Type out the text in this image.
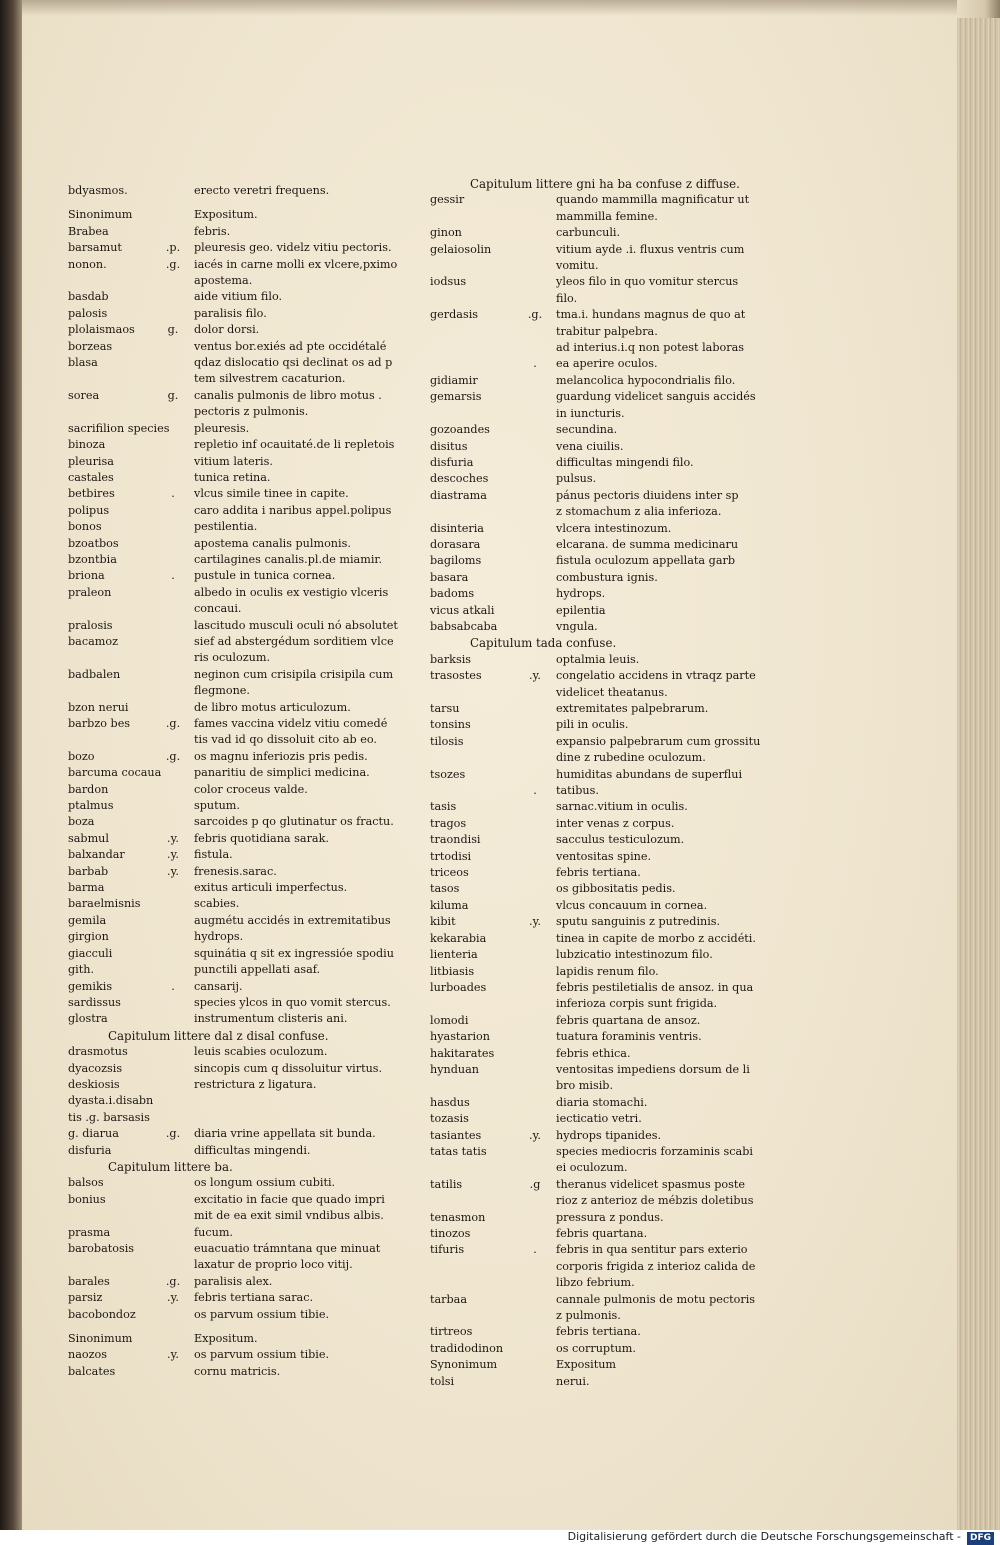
bdyasmos.	erecto veretri frequens.
Sinonimum	Expositum.
Brabea	febris.
barsamut	.p.	pleuresis geo. videlz vitiu pectoris.
nonon.	.g.	iacés in carne molli ex vlcere,pximo
apostema.
basdab	aide vitium filo.
palosis	paralisis filo.
plolaismaos	g.	dolor dorsi.
borzeas	ventus bor.exiés ad pte occidétalé
blasa	qdaz dislocatio qsi declinat os ad p
tem silvestrem cacaturion.
sorea	g.	canalis pulmonis de libro motus .
pectoris z pulmonis.
sacrifilion species pleuresis.
binoza	repletio inf ocauitaté.de li repletois
pleurisa	vitium lateris.
castales	tunica retina.
betbires	.	vlcus simile tinee in capite.
polipus	caro addita i naribus appel.polipus
bonos	pestilentia.
bzoatbos	apostema canalis pulmonis.
bzontbia	cartilagines canalis.pl.de miamir.
briona	.	pustule in tunica cornea.
praleon	albedo in oculis ex vestigio vlceris
concaui.
pralosis	lascitudo musculi oculi nó absolutet
bacamoz	sief ad abstergédum sorditiem vlce
ris oculozum.
badbalen	neginon cum crisipila crisipila cum
flegmone.
bzon nerui	de libro motus articulozum.
barbzo bes	.g.	fames vaccina videlz vitiu comedé
tis vad id qo dissoluit cito ab eo.
bozo	.g.	os magnu inferiozis pris pedis.
barcuma cocaua	panaritiu de simplici medicina.
bardon	color croceus valde.
ptalmus	sputum.
boza	sarcoides p qo glutinatur os fractu.
sabmul	.y.	febris quotidiana sarak.
balxandar	.y.	fistula.
barbab	.y.	frenesis.sarac.
barma	exitus articuli imperfectus.
baraelmisnis	scabies.
gemila	augmétu accidés in extremitatibus
girgion	hydrops.
giacculi	squinátia q sit ex ingressióe spodiu
gith.	punctili appellati asaf.
gemikis	.	cansarij.
sardissus	species ylcos in quo vomit stercus.
glostra	instrumentum clisteris ani.
Capitulum littere dal z disal confuse.
drasmotus	leuis scabies oculozum.
dyacozsis	sincopis cum q dissoluitur virtus.
deskiosis	restrictura z ligatura.
dyasta.i.disabn
tis .g. barsasis
g. diarua	.g.	diaria vrine appellata sit bunda.
disfuria	difficultas mingendi.
Capitulum littere ba.
balsos	os longum ossium cubiti.
bonius	excitatio in facie que quado impri
mit de ea exit simil vndibus albis.
prasma	fucum.
barobatosis	euacuatio trámntana que minuat
laxatur de proprio loco vitij.
barales	.g.	paralisis alex.
parsiz	.y.	febris tertiana sarac.
bacobondoz	os parvum ossium tibie.
Sinonimum	Expositum.
naozos	.y.	os parvum ossium tibie.
balcates	cornu matricis.
Capitulum littere gni ha ba confuse z diffuse.
gessir	quando mammilla magnificatur ut
mammilla femine.
ginon	carbunculi.
gelaiosolin	vitium ayde .i. fluxus ventris cum
vomitu.
iodsus	yleos filo in quo vomitur stercus
filo.
gerdasis	.g.	tma.i. hundans magnus de quo at
trabitur palpebra.
ad interius.i.q non potest laboras
.	ea aperire oculos.
gidiamir	melancolica hypocondrialis filo.
gemarsis	guardung videlicet sanguis accidés
in iuncturis.
gozoandes	secundina.
disitus	vena ciuilis.
disfuria	difficultas mingendi filo.
descoches	pulsus.
diastrama	pánus pectoris diuidens inter sp
z stomachum z alia inferioza.
disinteria	vlcera intestinozum.
dorasara	elcarana. de summa medicinaru
bagiloms	fistula oculozum appellata garb
basara	combustura ignis.
badoms	hydrops.
vicus atkali	epilentia
babsabcaba	vngula.
Capitulum tada confuse.
barksis	optalmia leuis.
trasostes	.y.	congelatio accidens in vtraqz parte
videlicet theatanus.
tarsu	extremitates palpebrarum.
tonsins	pili in oculis.
tilosis	expansio palpebrarum cum grossitu
dine z rubedine oculozum.
tsozes	humiditas abundans de superflui
.	tatibus.
tasis	sarnac.vitium in oculis.
tragos	inter venas z corpus.
traondisi	sacculus testiculozum.
trtodisi	ventositas spine.
triceos	febris tertiana.
tasos	os gibbositatis pedis.
kiluma	vlcus concauum in cornea.
kibit	.y.	sputu sanguinis z putredinis.
kekarabia	tinea in capite de morbo z accidéti.
lienteria	lubzicatio intestinozum filo.
litbiasis	lapidis renum filo.
lurboades	febris pestiletialis de ansoz. in qua
inferioza corpis sunt frigida.
lomodi	febris quartana de ansoz.
hyastarion	tuatura foraminis ventris.
hakitarates	febris ethica.
hynduan	ventositas impediens dorsum de li
bro misib.
hasdus	diaria stomachi.
tozasis	iecticatio vetri.
tasiantes	.y.	hydrops tipanides.
tatas tatis	species mediocris forzaminis scabi
ei oculozum.
tatilis	.g	theranus videlicet spasmus poste
rioz z anterioz de mébzis doletibus
tenasmon	pressura z pondus.
tinozos	febris quartana.
tifuris	.	febris in qua sentitur pars exterio
corporis frigida z interioz calida de
libzo febrium.
tarbaa	cannale pulmonis de motu pectoris
z pulmonis.
tirtreos	febris tertiana.
tradidodinon	os corruptum.
Synonimum	Expositum
tolsi	nerui.
Digitalisierung gefördert durch die Deutsche Forschungsgemeinschaft - DFG
